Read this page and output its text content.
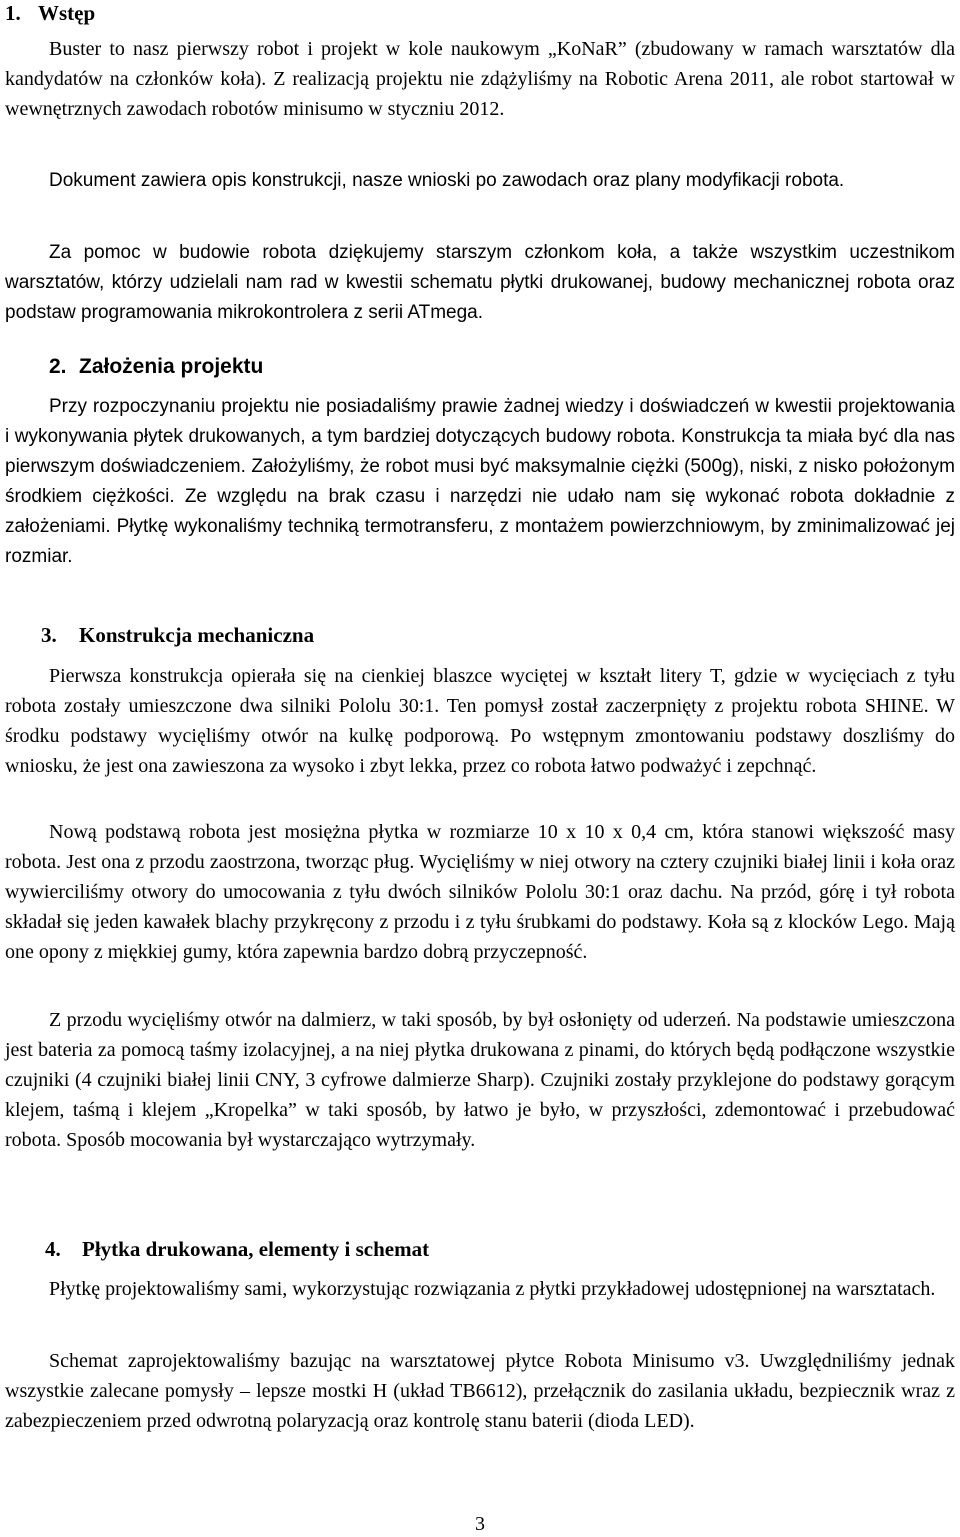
1. Wstęp

Buster to nasz pierwszy robot i projekt w kole naukowym „KoNaR” (zbudowany w ramach warsztatów dla kandydatów na członków koła). Z realizacją projektu nie zdążyliśmy na Robotic Arena 2011, ale robot startował w wewnętrznych zawodach robotów minisumo w styczniu 2012.

Dokument zawiera opis konstrukcji, nasze wnioski po zawodach oraz plany modyfikacji robota.

Za pomoc w budowie robota dziękujemy starszym członkom koła, a także wszystkim uczestnikom warsztatów, którzy udzielali nam rad w kwestii schematu płytki drukowanej, budowy mechanicznej robota oraz podstaw programowania mikrokontrolera z serii ATmega.

2. Założenia projektu

Przy rozpoczynaniu projektu nie posiadaliśmy prawie żadnej wiedzy i doświadczeń w kwestii projektowania i wykonywania płytek drukowanych, a tym bardziej dotyczących budowy robota. Konstrukcja ta miała być dla nas pierwszym doświadczeniem. Założyliśmy, że robot musi być maksymalnie ciężki (500g), niski, z nisko położonym środkiem ciężkości. Ze względu na brak czasu i narzędzi nie udało nam się wykonać robota dokładnie z założeniami. Płytkę wykonaliśmy techniką termotransferu, z montażem powierzchniowym, by zminimalizować jej rozmiar.

3. Konstrukcja mechaniczna

Pierwsza konstrukcja opierała się na cienkiej blaszce wyciętej w kształt litery T, gdzie w wycięciach z tyłu robota zostały umieszczone dwa silniki Pololu 30:1. Ten pomysł został zaczerpnięty z projektu robota SHINE. W środku podstawy wycięliśmy otwór na kulkę podporową. Po wstępnym zmontowaniu podstawy doszliśmy do wniosku, że jest ona zawieszona za wysoko i zbyt lekka, przez co robota łatwo podważyć i zepchnąć.

Nową podstawą robota jest mosiężna płytka w rozmiarze 10 x 10 x 0,4 cm, która stanowi większość masy robota. Jest ona z przodu zaostrzona, tworząc pług. Wycięliśmy w niej otwory na cztery czujniki białej linii i koła oraz wywierciliśmy otwory do umocowania z tyłu dwóch silników Pololu 30:1 oraz dachu. Na przód, górę i tył robota składał się jeden kawałek blachy przykręcony z przodu i z tyłu śrubkami do podstawy. Koła są z klocków Lego. Mają one opony z miękkiej gumy, która zapewnia bardzo dobrą przyczepność.

Z przodu wycięliśmy otwór na dalmierz, w taki sposób, by był osłonięty od uderzeń. Na podstawie umieszczona jest bateria za pomocą taśmy izolacyjnej, a na niej płytka drukowana z pinami, do których będą podłączone wszystkie czujniki (4 czujniki białej linii CNY, 3 cyfrowe dalmierze Sharp). Czujniki zostały przyklejone do podstawy gorącym klejem, taśmą i klejem „Kropelka” w taki sposób, by łatwo je było, w przyszłości, zdemontować i przebudować robota. Sposób mocowania był wystarczająco wytrzymały.

4. Płytka drukowana, elementy i schemat

Płytkę projektowaliśmy sami, wykorzystując rozwiązania z płytki przykładowej udostępnionej na warsztatach.

Schemat zaprojektowaliśmy bazując na warsztatowej płytce Robota Minisumo v3. Uwzględniliśmy jednak wszystkie zalecane pomysły – lepsze mostki H (układ TB6612), przełącznik do zasilania układu, bezpiecznik wraz z zabezpieczeniem przed odwrotną polaryzacją oraz kontrolę stanu baterii (dioda LED).

3
